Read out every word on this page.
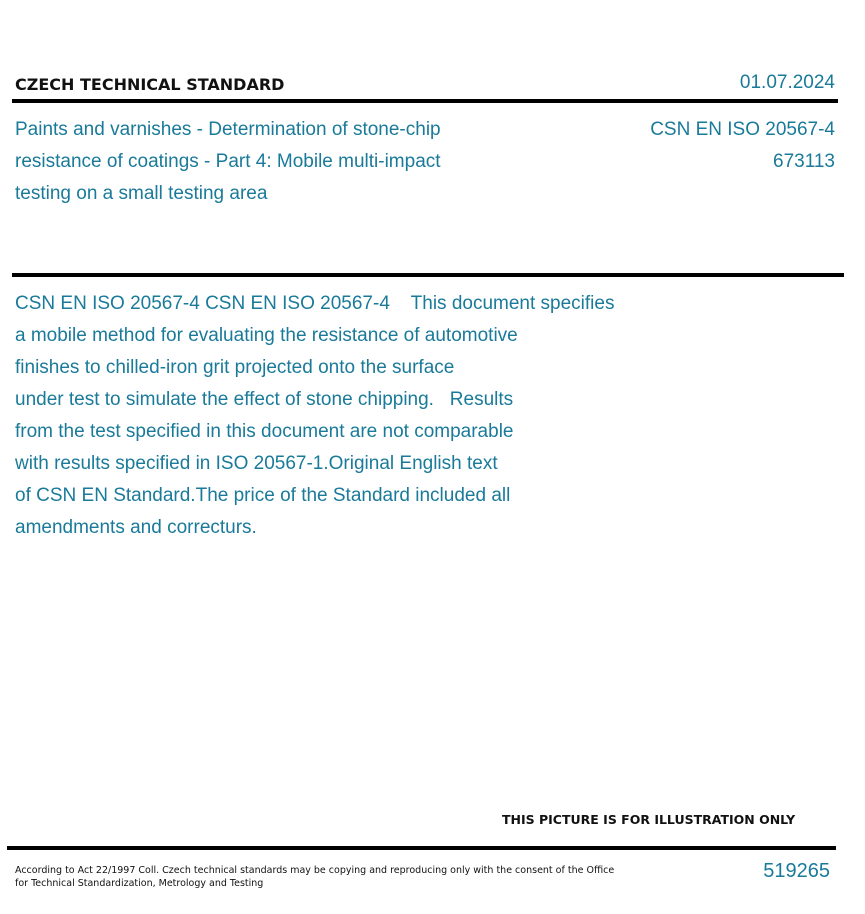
CZECH TECHNICAL STANDARD	01.07.2024
Paints and varnishes - Determination of stone-chip
resistance of coatings - Part 4: Mobile multi-impact
testing on a small testing area
CSN EN ISO 20567-4
673113
CSN EN ISO 20567-4 CSN EN ISO 20567-4    This document specifies
a mobile method for evaluating the resistance of automotive
finishes to chilled-iron grit projected onto the surface
under test to simulate the effect of stone chipping.   Results
from the test specified in this document are not comparable
with results specified in ISO 20567-1.Original English text
of CSN EN Standard.The price of the Standard included all
amendments and correcturs.
THIS PICTURE IS FOR ILLUSTRATION ONLY
According to Act 22/1997 Coll. Czech technical standards may be copying and reproducing only with the consent of the Office
for Technical Standardization, Metrology and Testing
519265
